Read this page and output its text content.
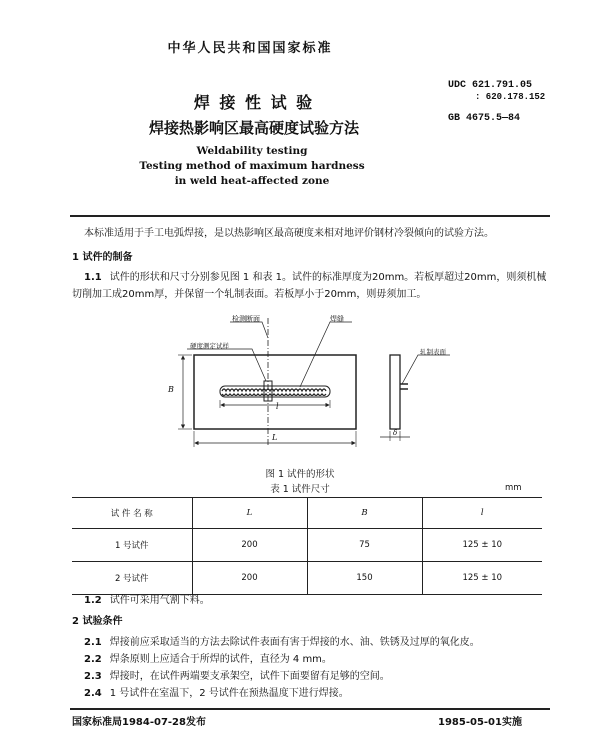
中华人民共和国国家标准
UDC 621.791.05
: 620.178.152
GB 4675.5—84
焊 接 性 试 验
焊接热影响区最高硬度试验方法
Weldability testing
Testing method of maximum hardness
in weld heat-affected zone

本标准适用于手工电弧焊接，是以热影响区最高硬度来相对地评价钢材冷裂倾向的试验方法。

1 试件的制备

1.1 试件的形状和尺寸分别参见图 1 和表 1。试件的标准厚度为20mm。若板厚超过20mm，则须机械切削加工成20mm厚，并保留一个轧制表面。若板厚小于20mm，则毋须加工。

检测断面	焊缝
硬度测定试样
轧制表面
B
l
L	δ
图 1 试件的形状
表 1 试件尺寸	mm
试 件 名 称	L	B	l
1 号试件	200	75	125 ± 10
2 号试件	200	150	125 ± 10

1.2 试件可采用气割下料。

2 试验条件

2.1 焊接前应采取适当的方法去除试件表面有害于焊接的水、油、铁锈及过厚的氧化皮。

2.2 焊条原则上应适合于所焊的试件，直径为 4 mm。

2.3 焊接时，在试件两端要支承架空，试件下面要留有足够的空间。

2.4 1 号试件在室温下，2 号试件在预热温度下进行焊接。

国家标准局1984-07-28发布	1985-05-01实施
